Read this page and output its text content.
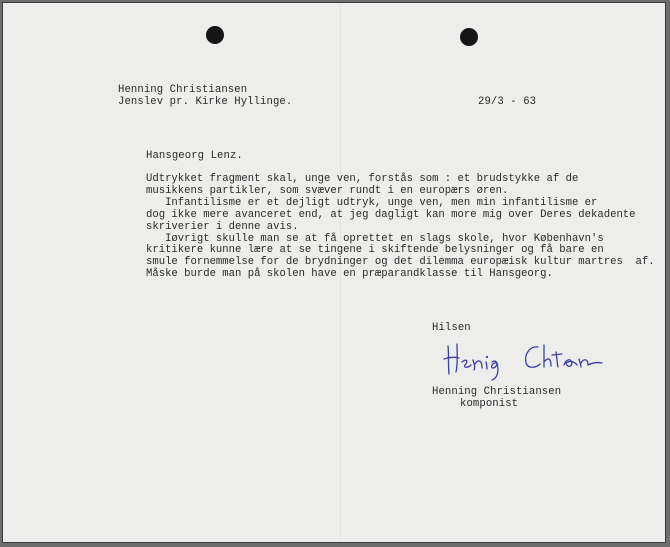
Henning Christiansen
Jenslev pr. Kirke Hyllinge.	29/3 - 63
Hansgeorg Lenz.
Udtrykket fragment skal, unge ven, forstås som : et brudstykke af de
musikkens partikler, som svæver rundt i en europærs øren.
Infantilisme er et dejligt udtryk, unge ven, men min infantilisme er
dog ikke mere avanceret end, at jeg dagligt kan more mig over Deres dekadente
skriverier i denne avis.
Iøvrigt skulle man se at få oprettet en slags skole, hvor København's
kritikere kunne lære at se tingene i skiftende belysninger og få bare en
smule fornemmelse for de brydninger og det dilemma europæisk kultur martres  af.
Måske burde man på skolen have en præparandklasse til Hansgeorg.
Hilsen
Henning Christiansen
komponist
